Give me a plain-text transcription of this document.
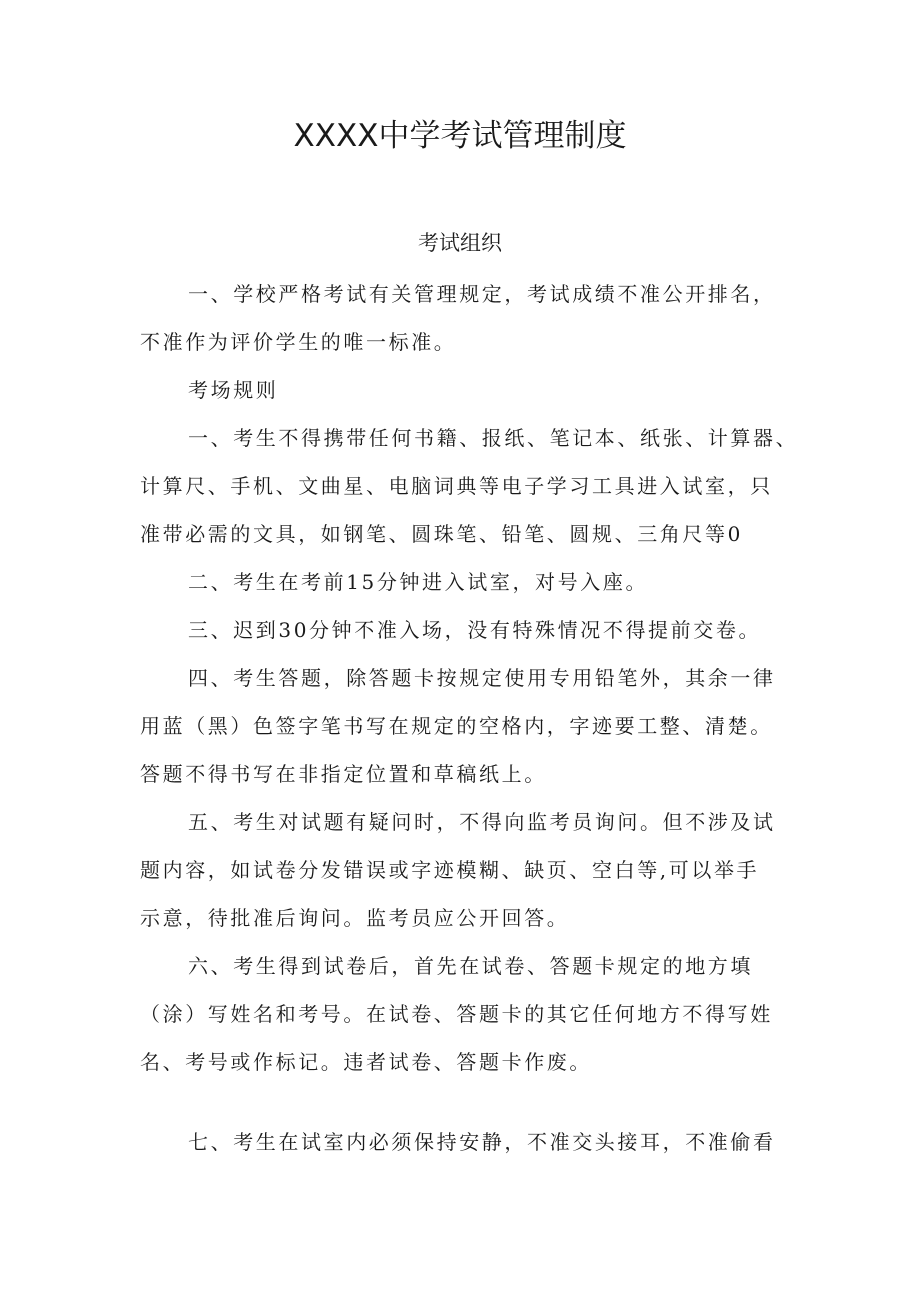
XXXX中学考试管理制度
考试组织
一、学校严格考试有关管理规定，考试成绩不准公开排名，
不准作为评价学生的唯一标准。
考场规则
一、考生不得携带任何书籍、报纸、笔记本、纸张、计算器、
计算尺、手机、文曲星、电脑词典等电子学习工具进入试室，只
准带必需的文具，如钢笔、圆珠笔、铅笔、圆规、三角尺等0
二、考生在考前15分钟进入试室，对号入座。
三、迟到30分钟不准入场，没有特殊情况不得提前交卷。
四、考生答题，除答题卡按规定使用专用铅笔外，其余一律
用蓝（黑）色签字笔书写在规定的空格内，字迹要工整、清楚。
答题不得书写在非指定位置和草稿纸上。
五、考生对试题有疑问时，不得向监考员询问。但不涉及试
题内容，如试卷分发错误或字迹模糊、缺页、空白等,可以举手
示意，待批准后询问。监考员应公开回答。
六、考生得到试卷后，首先在试卷、答题卡规定的地方填
（涂）写姓名和考号。在试卷、答题卡的其它任何地方不得写姓
名、考号或作标记。违者试卷、答题卡作废。
七、考生在试室内必须保持安静，不准交头接耳，不准偷看
